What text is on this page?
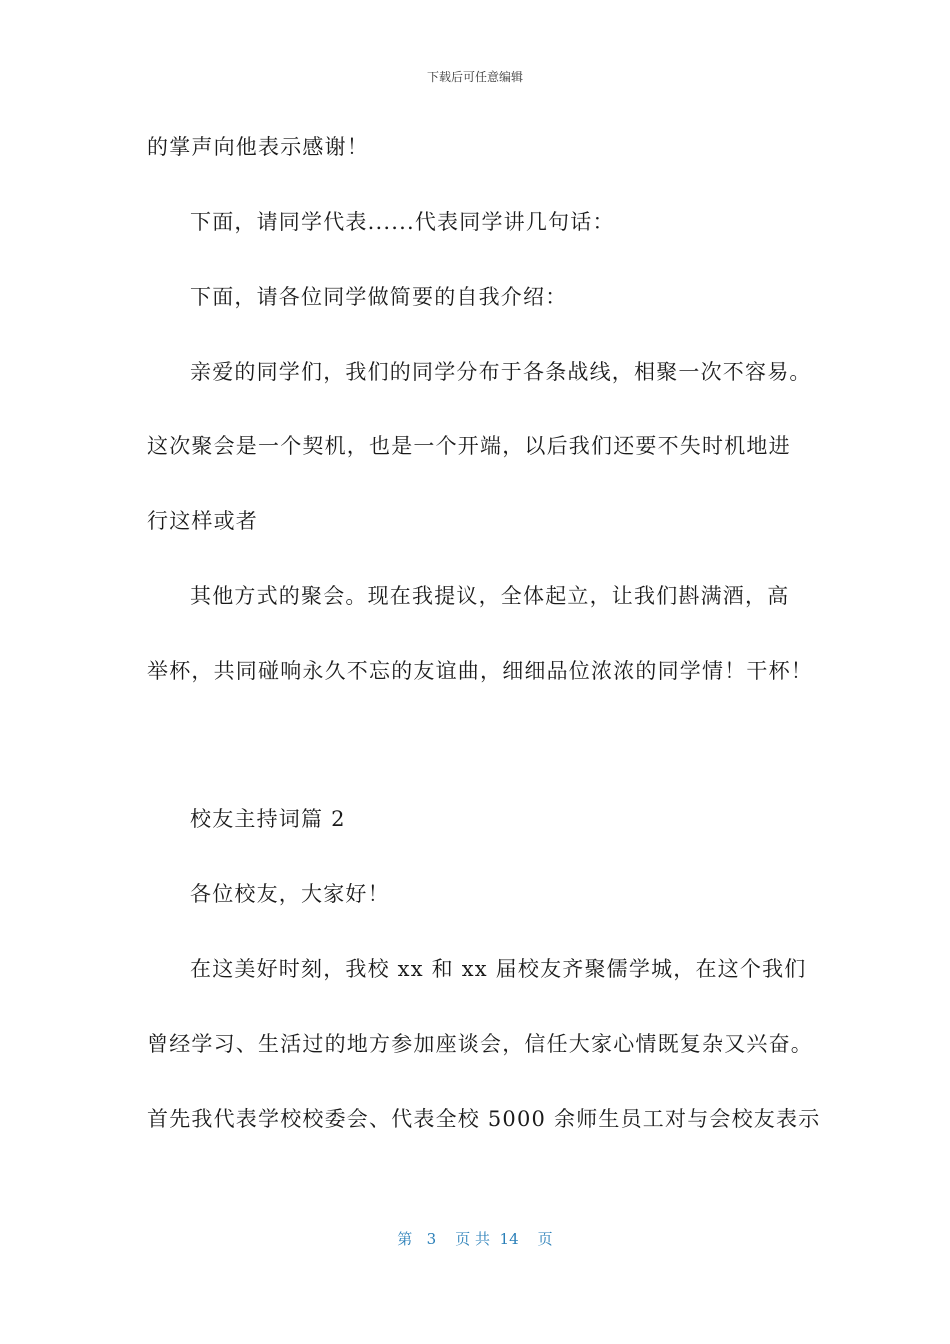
下载后可任意编辑
的掌声向他表示感谢！
下面，请同学代表......代表同学讲几句话：
下面，请各位同学做简要的自我介绍：
亲爱的同学们，我们的同学分布于各条战线，相聚一次不容易。
这次聚会是一个契机，也是一个开端，以后我们还要不失时机地进
行这样或者
其他方式的聚会。现在我提议，全体起立，让我们斟满酒，高
举杯，共同碰响永久不忘的友谊曲，细细品位浓浓的同学情！干杯！
校友主持词篇 2
各位校友，大家好！
在这美好时刻，我校 xx 和 xx 届校友齐聚儒学城，在这个我们
曾经学习、生活过的地方参加座谈会，信任大家心情既复杂又兴奋。
首先我代表学校校委会、代表全校 5000 余师生员工对与会校友表示
第   3    页 共  14    页
